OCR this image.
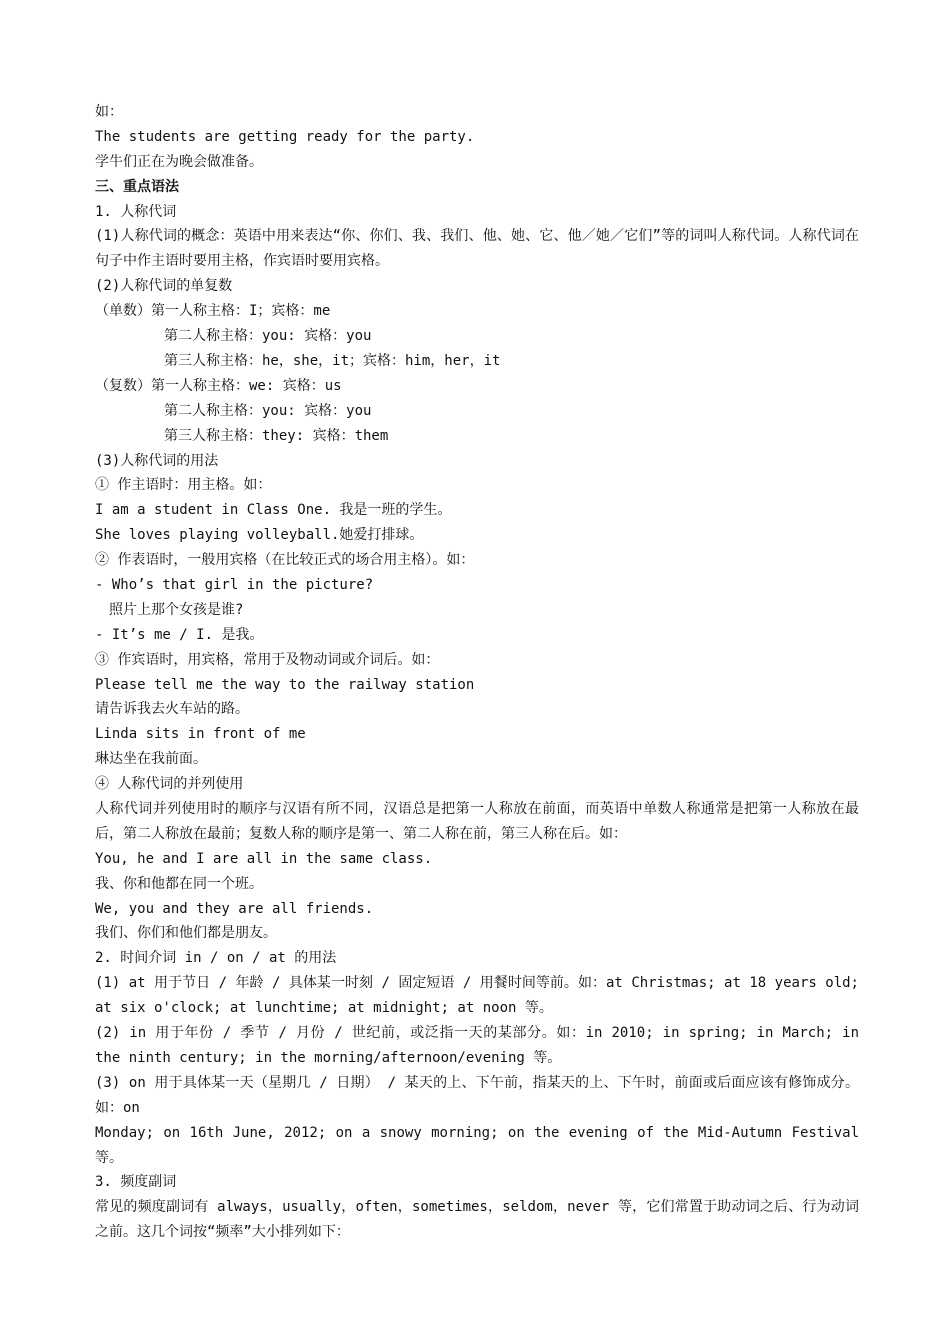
如：
The students are getting ready for the party.
学牛们正在为晚会做准备。
三、重点语法
1. 人称代词
(1)人称代词的概念：英语中用来表达“你、你们、我、我们、他、她、它、他／她／它们”等的词叫人称代词。人称代词在句子中作主语时要用主格，作宾语时要用宾格。
(2)人称代词的单复数
（单数）第一人称主格：I；宾格：me
第二人称主格：you: 宾格：you
第三人称主格：he，she，it；宾格：him，her，it
（复数）第一人称主格：we: 宾格：us
第二人称主格：you: 宾格：you
第三人称主格：they: 宾格：them
(3)人称代词的用法
① 作主语时：用主格。如：
I am a student in Class One. 我是一班的学生。
She loves playing volleyball.她爱打排球。
② 作表语时，一般用宾格（在比较正式的场合用主格）。如：
- Who’s that girl in the picture?
照片上那个女孩是谁?
- It’s me / I. 是我。
③ 作宾语时，用宾格，常用于及物动词或介词后。如：
Please tell me the way to the railway station
请告诉我去火车站的路。
Linda sits in front of me
琳达坐在我前面。
④ 人称代词的并列使用
人称代词并列使用时的顺序与汉语有所不同，汉语总是把第一人称放在前面，而英语中单数人称通常是把第一人称放在最后，第二人称放在最前；复数人称的顺序是第一、第二人称在前，第三人称在后。如：
You, he and I are all in the same class.
我、你和他都在同一个班。
We, you and they are all friends.
我们、你们和他们都是朋友。
2. 时间介词 in / on / at 的用法
(1) at 用于节日 / 年龄 / 具体某一时刻 / 固定短语 / 用餐时间等前。如：at Christmas; at 18 years old; at six o'clock; at lunchtime; at midnight; at noon 等。
(2) in 用于年份 / 季节 / 月份 / 世纪前，或泛指一天的某部分。如：in 2010; in spring; in March; in the ninth century; in the morning/afternoon/evening 等。
(3) on 用于具体某一天（星期几 / 日期） / 某天的上、下午前，指某天的上、下午时，前面或后面应该有修饰成分。如：on
Monday; on 16th June, 2012; on a snowy morning; on the evening of the Mid-Autumn Festival 等。
3. 频度副词
常见的频度副词有 always，usually，often，sometimes，seldom，never 等，它们常置于助动词之后、行为动词之前。这几个词按“频率”大小排列如下：
